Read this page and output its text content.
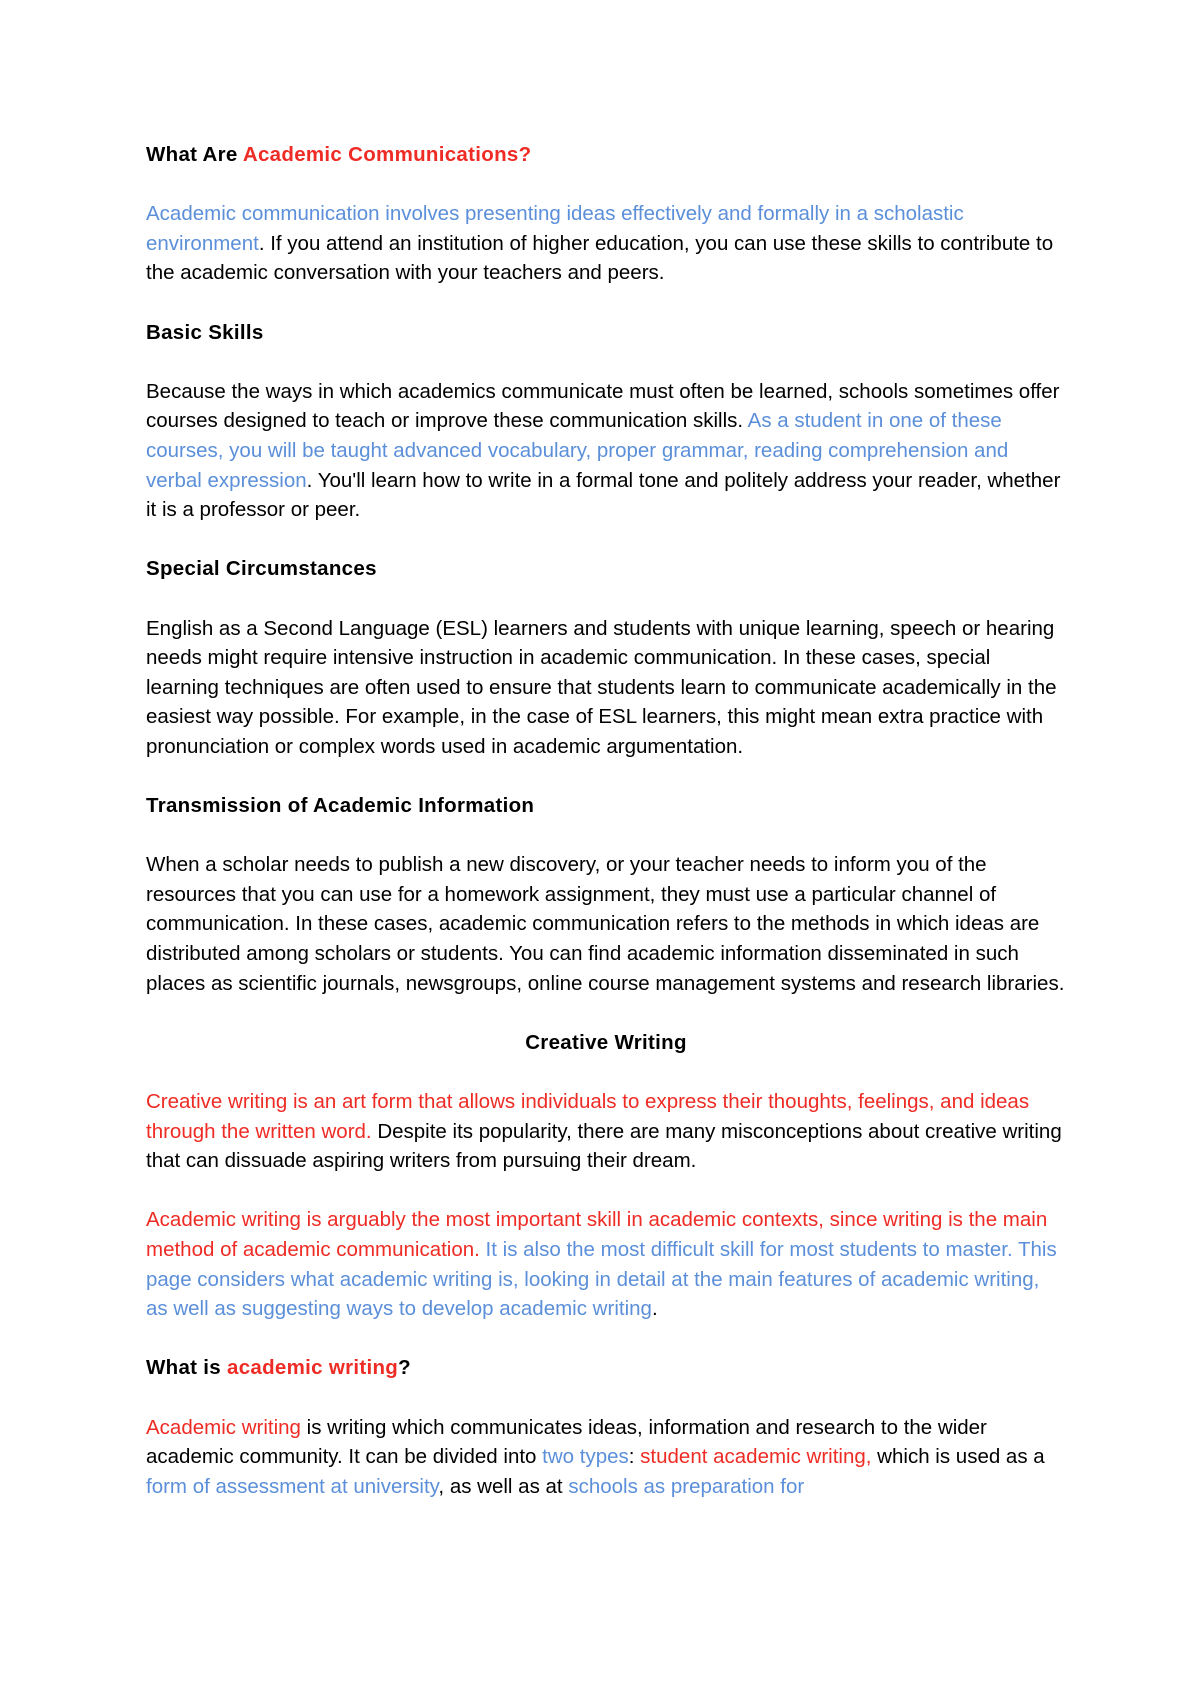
What Are Academic Communications?
Academic communication involves presenting ideas effectively and formally in a scholastic environment. If you attend an institution of higher education, you can use these skills to contribute to the academic conversation with your teachers and peers.
Basic Skills
Because the ways in which academics communicate must often be learned, schools sometimes offer courses designed to teach or improve these communication skills. As a student in one of these courses, you will be taught advanced vocabulary, proper grammar, reading comprehension and verbal expression. You'll learn how to write in a formal tone and politely address your reader, whether it is a professor or peer.
Special Circumstances
English as a Second Language (ESL) learners and students with unique learning, speech or hearing needs might require intensive instruction in academic communication. In these cases, special learning techniques are often used to ensure that students learn to communicate academically in the easiest way possible. For example, in the case of ESL learners, this might mean extra practice with pronunciation or complex words used in academic argumentation.
Transmission of Academic Information
When a scholar needs to publish a new discovery, or your teacher needs to inform you of the resources that you can use for a homework assignment, they must use a particular channel of communication. In these cases, academic communication refers to the methods in which ideas are distributed among scholars or students. You can find academic information disseminated in such places as scientific journals, newsgroups, online course management systems and research libraries.
Creative Writing
Creative writing is an art form that allows individuals to express their thoughts, feelings, and ideas through the written word. Despite its popularity, there are many misconceptions about creative writing that can dissuade aspiring writers from pursuing their dream.
Academic writing is arguably the most important skill in academic contexts, since writing is the main method of academic communication. It is also the most difficult skill for most students to master. This page considers what academic writing is, looking in detail at the main features of academic writing, as well as suggesting ways to develop academic writing.
What is academic writing?
Academic writing is writing which communicates ideas, information and research to the wider academic community. It can be divided into two types: student academic writing, which is used as a form of assessment at university, as well as at schools as preparation for
